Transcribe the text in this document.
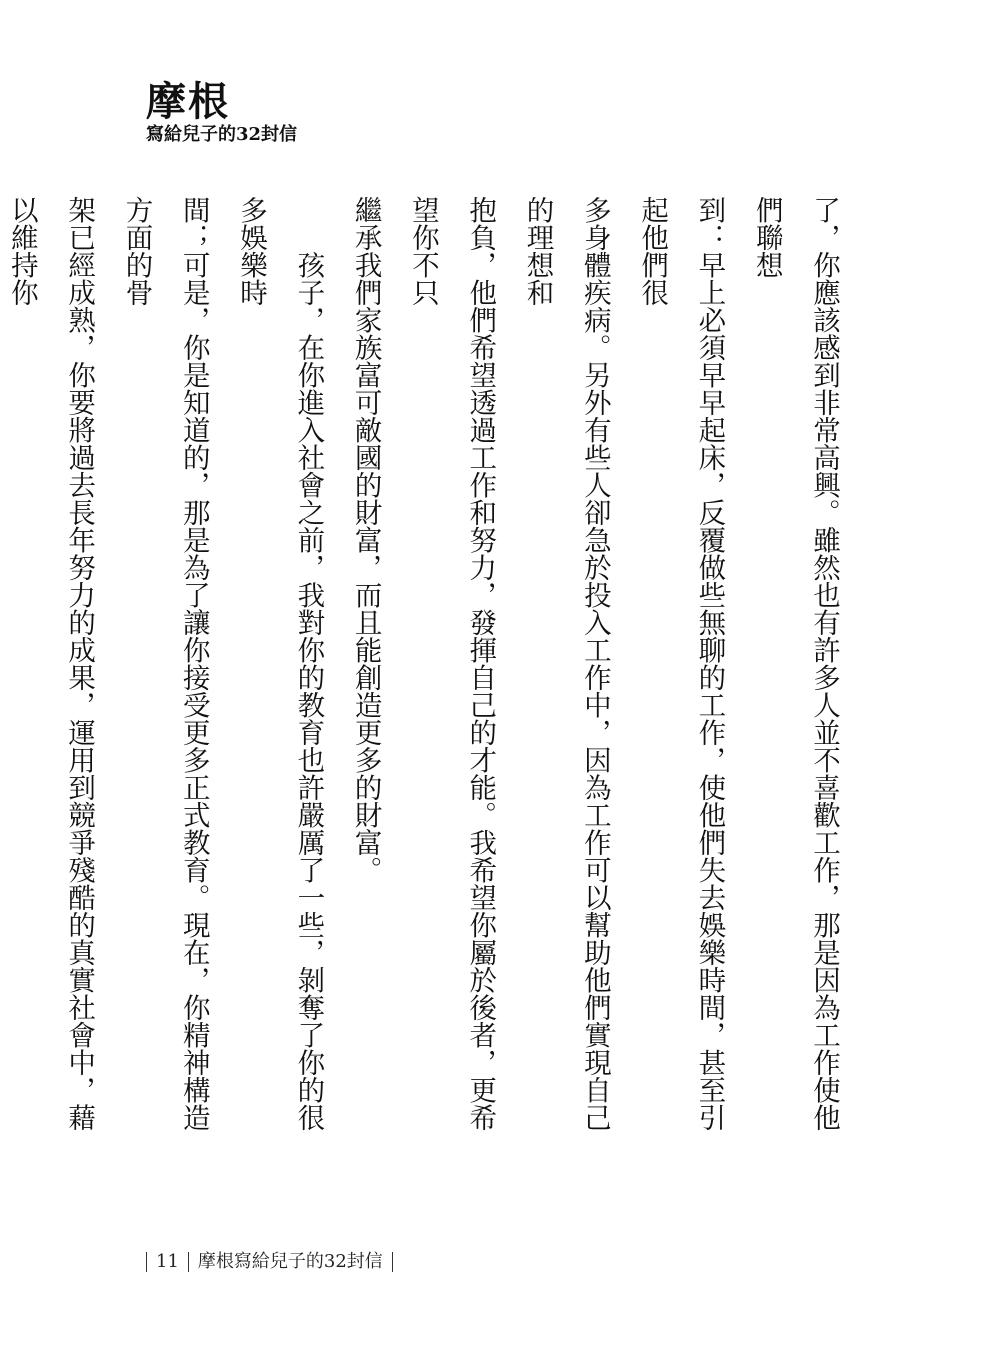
摩根
寫給兒子的32封信
了，你應該感到非常高興。雖然也有許多人並不喜歡工作，那是因為工作使他們聯想
到：早上必須早早起床，反覆做些無聊的工作，使他們失去娛樂時間，甚至引起他們很
多身體疾病。另外有些人卻急於投入工作中，因為工作可以幫助他們實現自己的理想和
抱負，他們希望透過工作和努力，發揮自己的才能。我希望你屬於後者，更希望你不只
繼承我們家族富可敵國的財富，而且能創造更多的財富。
　　孩子，在你進入社會之前，我對你的教育也許嚴厲了一些，剝奪了你的很多娛樂時
間；可是，你是知道的，那是為了讓你接受更多正式教育。現在，你精神構造方面的骨
架已經成熟，你要將過去長年努力的成果，運用到競爭殘酷的真實社會中，藉以維持你
11 摩根寫給兒子的32封信
